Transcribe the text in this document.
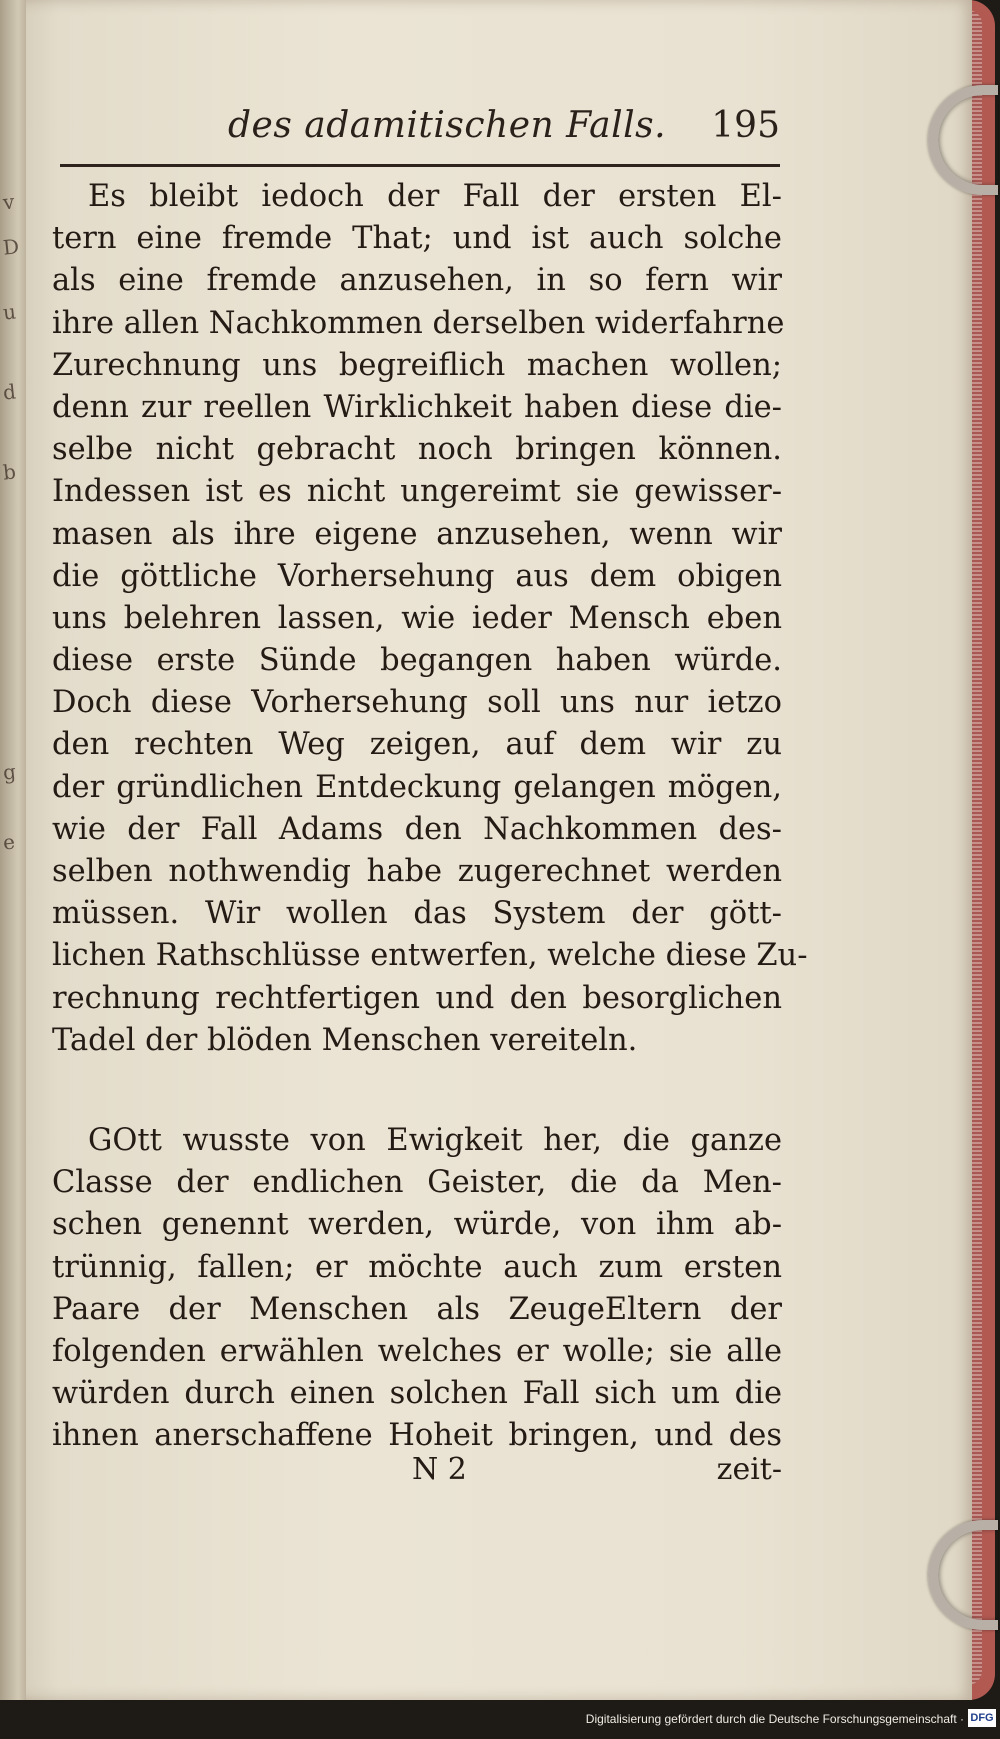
v
D
u
d
b
g
e
des adamitischen Falls. 195
Es bleibt iedoch der Fall der ersten El-
tern eine fremde That; und ist auch solche
als eine fremde anzusehen, in so fern wir
ihre allen Nachkommen derselben widerfahrne
Zurechnung uns begreiflich machen wollen;
denn zur reellen Wirklichkeit haben diese die-
selbe nicht gebracht noch bringen können.
Indessen ist es nicht ungereimt sie gewisser-
masen als ihre eigene anzusehen, wenn wir
die göttliche Vorhersehung aus dem obigen
uns belehren lassen, wie ieder Mensch eben
diese erste Sünde begangen haben würde.
Doch diese Vorhersehung soll uns nur ietzo
den rechten Weg zeigen, auf dem wir zu
der gründlichen Entdeckung gelangen mögen,
wie der Fall Adams den Nachkommen des-
selben nothwendig habe zugerechnet werden
müssen. Wir wollen das System der gött-
lichen Rathschlüsse entwerfen, welche diese Zu-
rechnung rechtfertigen und den besorglichen
Tadel der blöden Menschen vereiteln.
GOtt wusste von Ewigkeit her, die ganze
Classe der endlichen Geister, die da Men-
schen genennt werden, würde, von ihm ab-
trünnig, fallen; er möchte auch zum ersten
Paare der Menschen als ZeugeEltern der
folgenden erwählen welches er wolle; sie alle
würden durch einen solchen Fall sich um die
ihnen anerschaffene Hoheit bringen, und des
N 2	zeit-
Digitalisierung gefördert durch die Deutsche Forschungsgemeinschaft · DFG
